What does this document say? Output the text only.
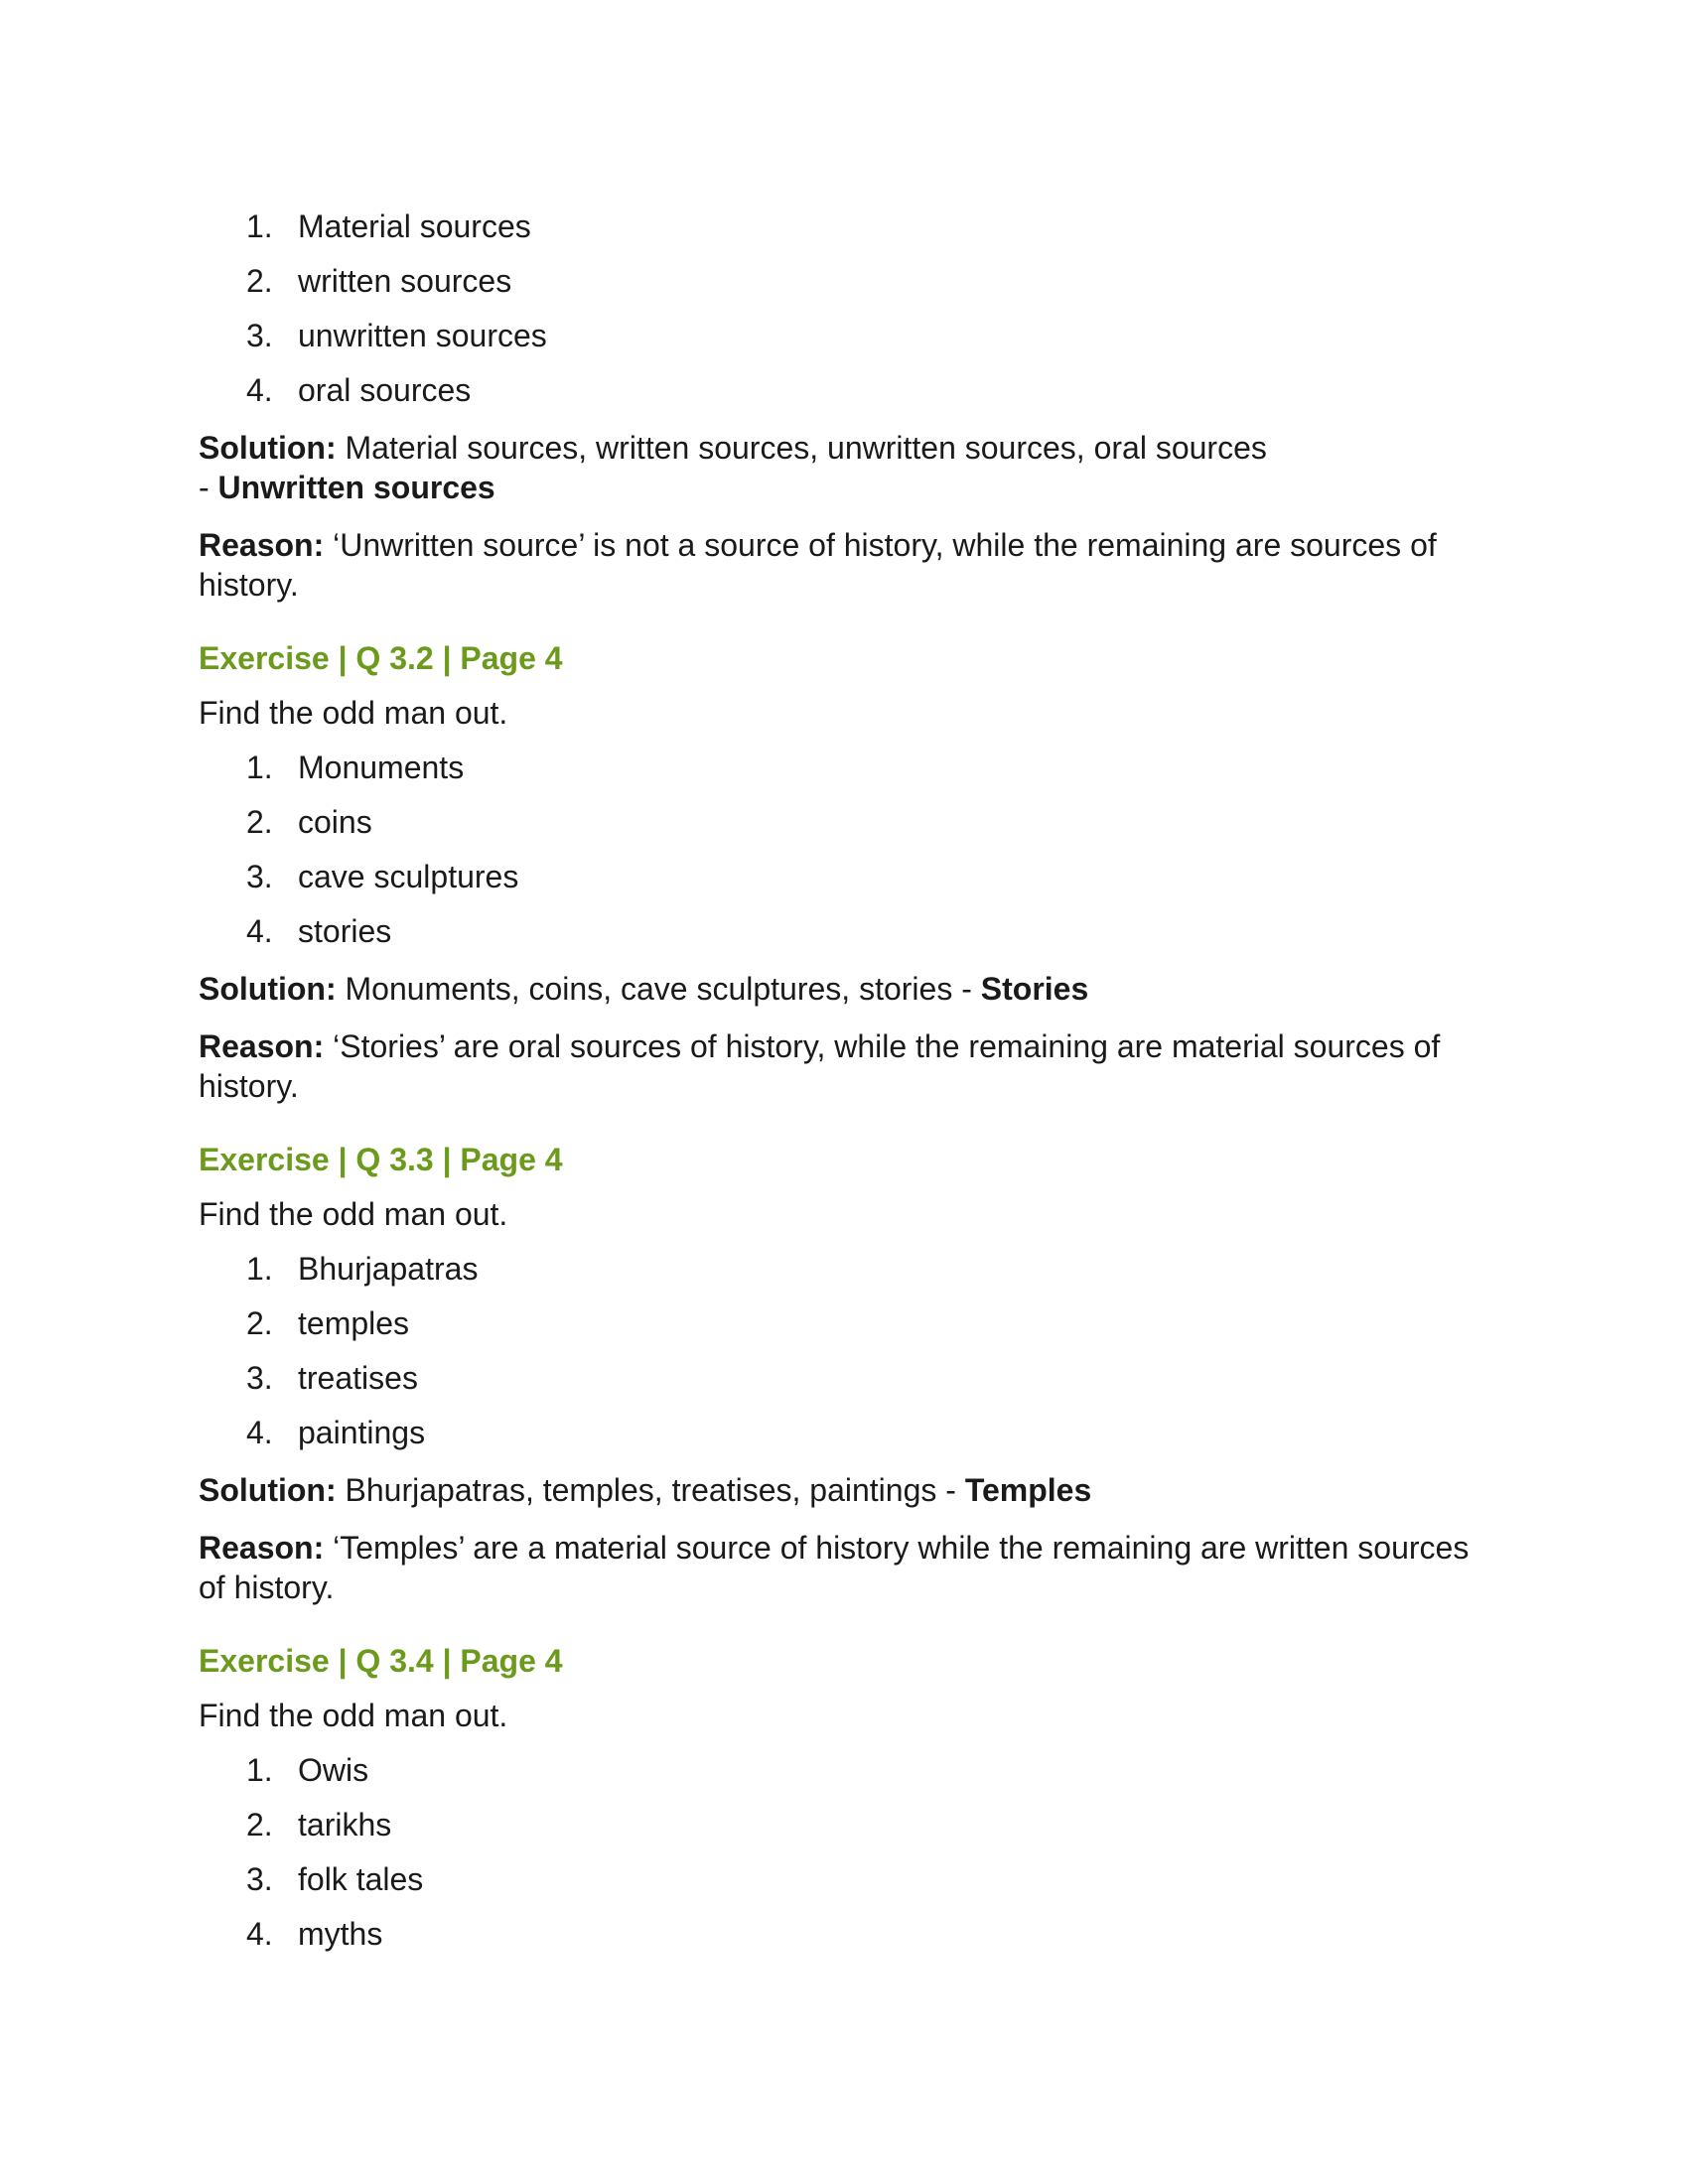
1. Material sources
2. written sources
3. unwritten sources
4. oral sources

Solution: Material sources, written sources, unwritten sources, oral sources
- Unwritten sources

Reason: ‘Unwritten source’ is not a source of history, while the remaining are sources of history.

Exercise | Q 3.2 | Page 4

Find the odd man out.

1. Monuments
2. coins
3. cave sculptures
4. stories

Solution: Monuments, coins, cave sculptures, stories - Stories

Reason: ‘Stories’ are oral sources of history, while the remaining are material sources of history.

Exercise | Q 3.3 | Page 4

Find the odd man out.

1. Bhurjapatras
2. temples
3. treatises
4. paintings

Solution: Bhurjapatras, temples, treatises, paintings - Temples

Reason: ‘Temples’ are a material source of history while the remaining are written sources of history.

Exercise | Q 3.4 | Page 4

Find the odd man out.

1. Owis
2. tarikhs
3. folk tales
4. myths
